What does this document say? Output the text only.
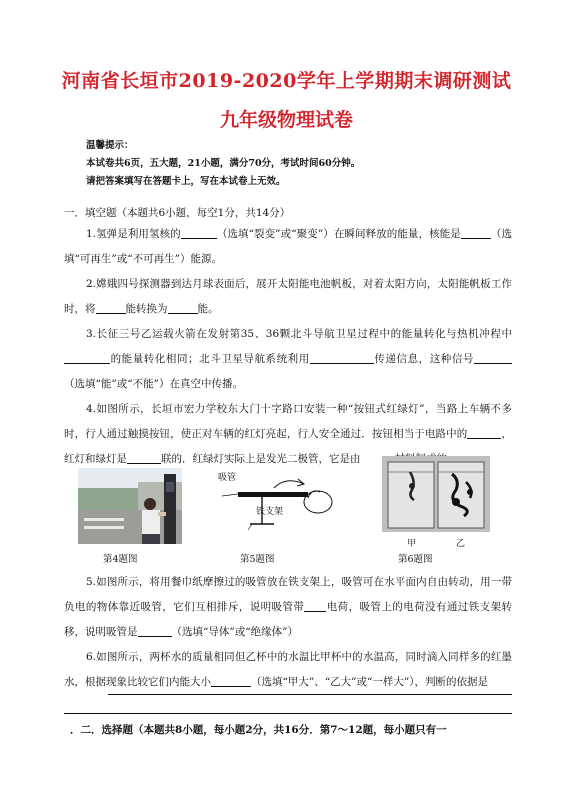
河南省长垣市2019-2020学年上学期期末调研测试
九年级物理试卷
温馨提示：
本试卷共6页，五大题，21小题，满分70分，考试时间60分钟。
请把答案填写在答题卡上，写在本试卷上无效。
一．填空题（本题共6小题，每空1分，共14分）

1.氢弹是利用氢核的	（选填“裂变”或“聚变”）在瞬间释放的能量，核能是	（选填“可再生”或“不可再生”）能源。

2.嫦娥四号探测器到达月球表面后，展开太阳能电池帆板，对着太阳方向，太阳能帆板工作时，将	能转换为	能。

3.长征三号乙运载火箭在发射第35、36颗北斗导航卫星过程中的能量转化与热机冲程中的能量转化相同；北斗卫星导航系统利用	传递信息，这种信号（选填“能”或“不能”）在真空中传播。

4.如图所示，长垣市宏力学校东大门十字路口安装一种“按钮式红绿灯”，当路上车辆不多时，行人通过触摸按钮，使正对车辆的红灯亮起，行人安全通过．按钮相当于电路中的	，红灯和绿灯是	联的．红绿灯实际上是发光二极管，它是由

第4题图
吸管
铁支架
第5题图
甲	乙
第6题图

5.如图所示，将用餐巾纸摩擦过的吸管放在铁支架上，吸管可在水平面内自由转动，用一带负电的物体靠近吸管，它们互相排斥，说明吸管带 电荷，吸管上的电荷没有通过铁支架转移，说明吸管是	（选填“导体”或“绝缘体”）

6.如图所示，两杯水的质量相同但乙杯中的水温比甲杯中的水温高，同时滴入同样多的红墨水，根据现象比较它们内能大小	（选填“甲大”、“乙大”或“一样大”），判断的依据是

．二．选择题（本题共8小题，每小题2分，共16分．第7～12题，每小题只有一
